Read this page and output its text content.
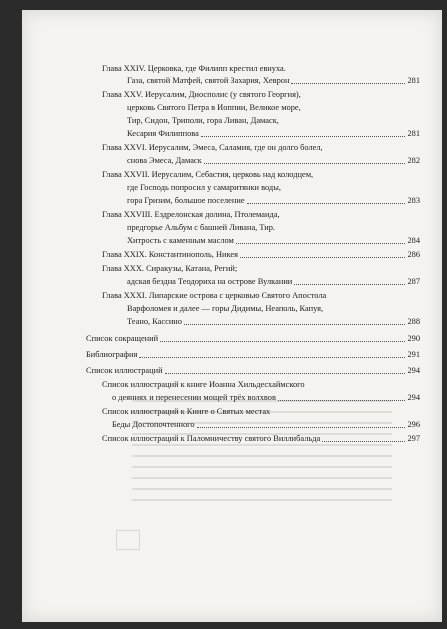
Глава XXIV. Церковка, где Филипп крестил евнуха.
Газа, святой Матфей, святой Захария, Хеврон	281
Глава XXV. Иерусалим, Диосполис (у святого Георгия),
церковь Святого Петра в Иоппии, Великое море,
Тир, Сидон, Триполи, гора Ливан, Дамаск,
Кесария Филиппова	281
Глава XXVI. Иерусалим, Эмеса, Саламия, где он долго болел,
снова Эмеса, Дамаск	282
Глава XXVII. Иерусалим, Себастия, церковь над колодцем,
где Господь попросил у самаритянки воды,
гора Гризим, большое поселение	283
Глава XXVIII. Ездрелонская долина, Птолемаида,
предгорье Альбум с башней Ливана, Тир.
Хитрость с каменным маслом	284
Глава XXIX. Константинополь, Никея	286
Глава XXX. Сиракузы, Катана, Регий;
адская бездна Теодориха на острове Вулкании	287
Глава XXXI. Липарские острова с церковью Святого Апостола
Варфоломея и далее — горы Дидимы, Неаполь, Капуя,
Теано, Кассино	288
Список сокращений	290
Библиография	291
Список иллюстраций	294
Список иллюстраций к книге Иоанна Хильдесхаймского
о деяниях и перенесении мощей трёх волхвов	294
Список иллюстраций к Книге о Святых местах
Беды Достопочтенного	296
Список иллюстраций к Паломничеству святого Виллибальда	297
